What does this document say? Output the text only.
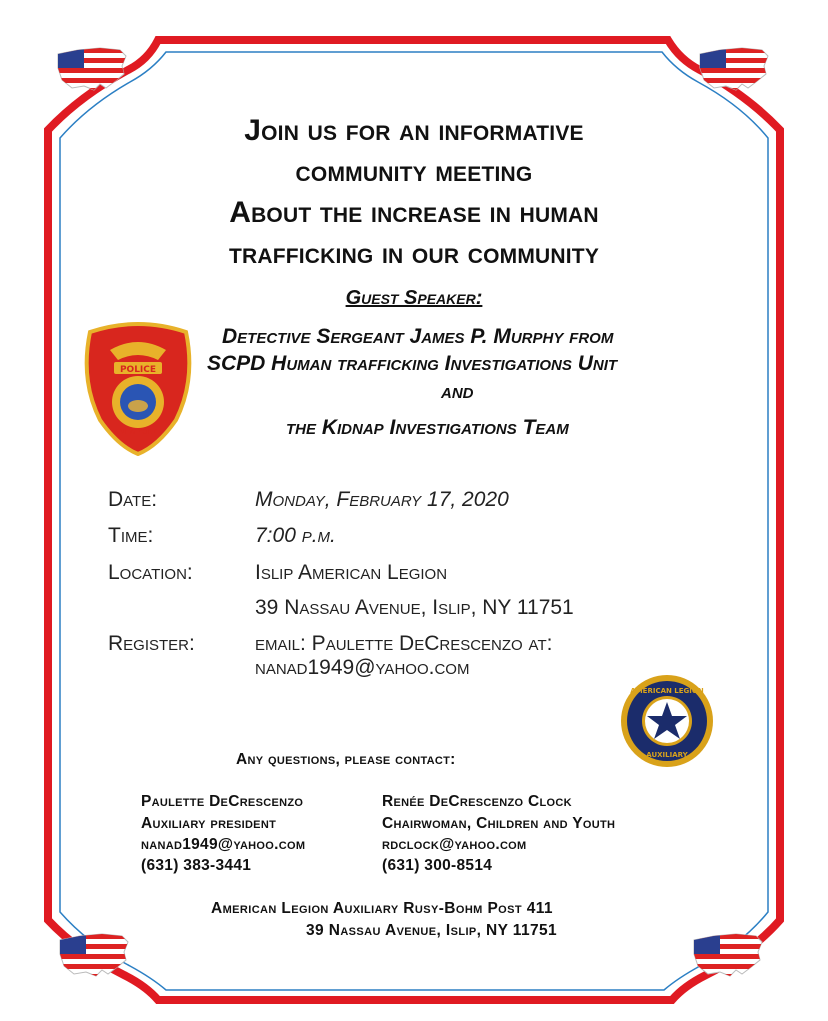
Join us for an informative
community meeting
About the increase in human
trafficking in our community
Guest Speaker:
POLICE
NEW YORK
Detective Sergeant James P. Murphy from
SCPD Human trafficking Investigations Unit
and
the Kidnap Investigations Team
Date:	Monday, February 17, 2020
Time:	7:00 p.m.
Location:	Islip American Legion
39 Nassau Avenue, Islip, NY 11751
Register:	email: Paulette DeCrescenzo at:
nanad1949@yahoo.com
AMERICAN LEGION
AUXILIARY
Any questions, please contact:
Paulette DeCrescenzo
Auxiliary president
nanad1949@yahoo.com
(631) 383-3441
Renée DeCrescenzo Clock
Chairwoman, Children and Youth
rdclock@yahoo.com
(631) 300-8514
American Legion Auxiliary Rusy-Bohm Post 411
39 Nassau Avenue, Islip, NY 11751
